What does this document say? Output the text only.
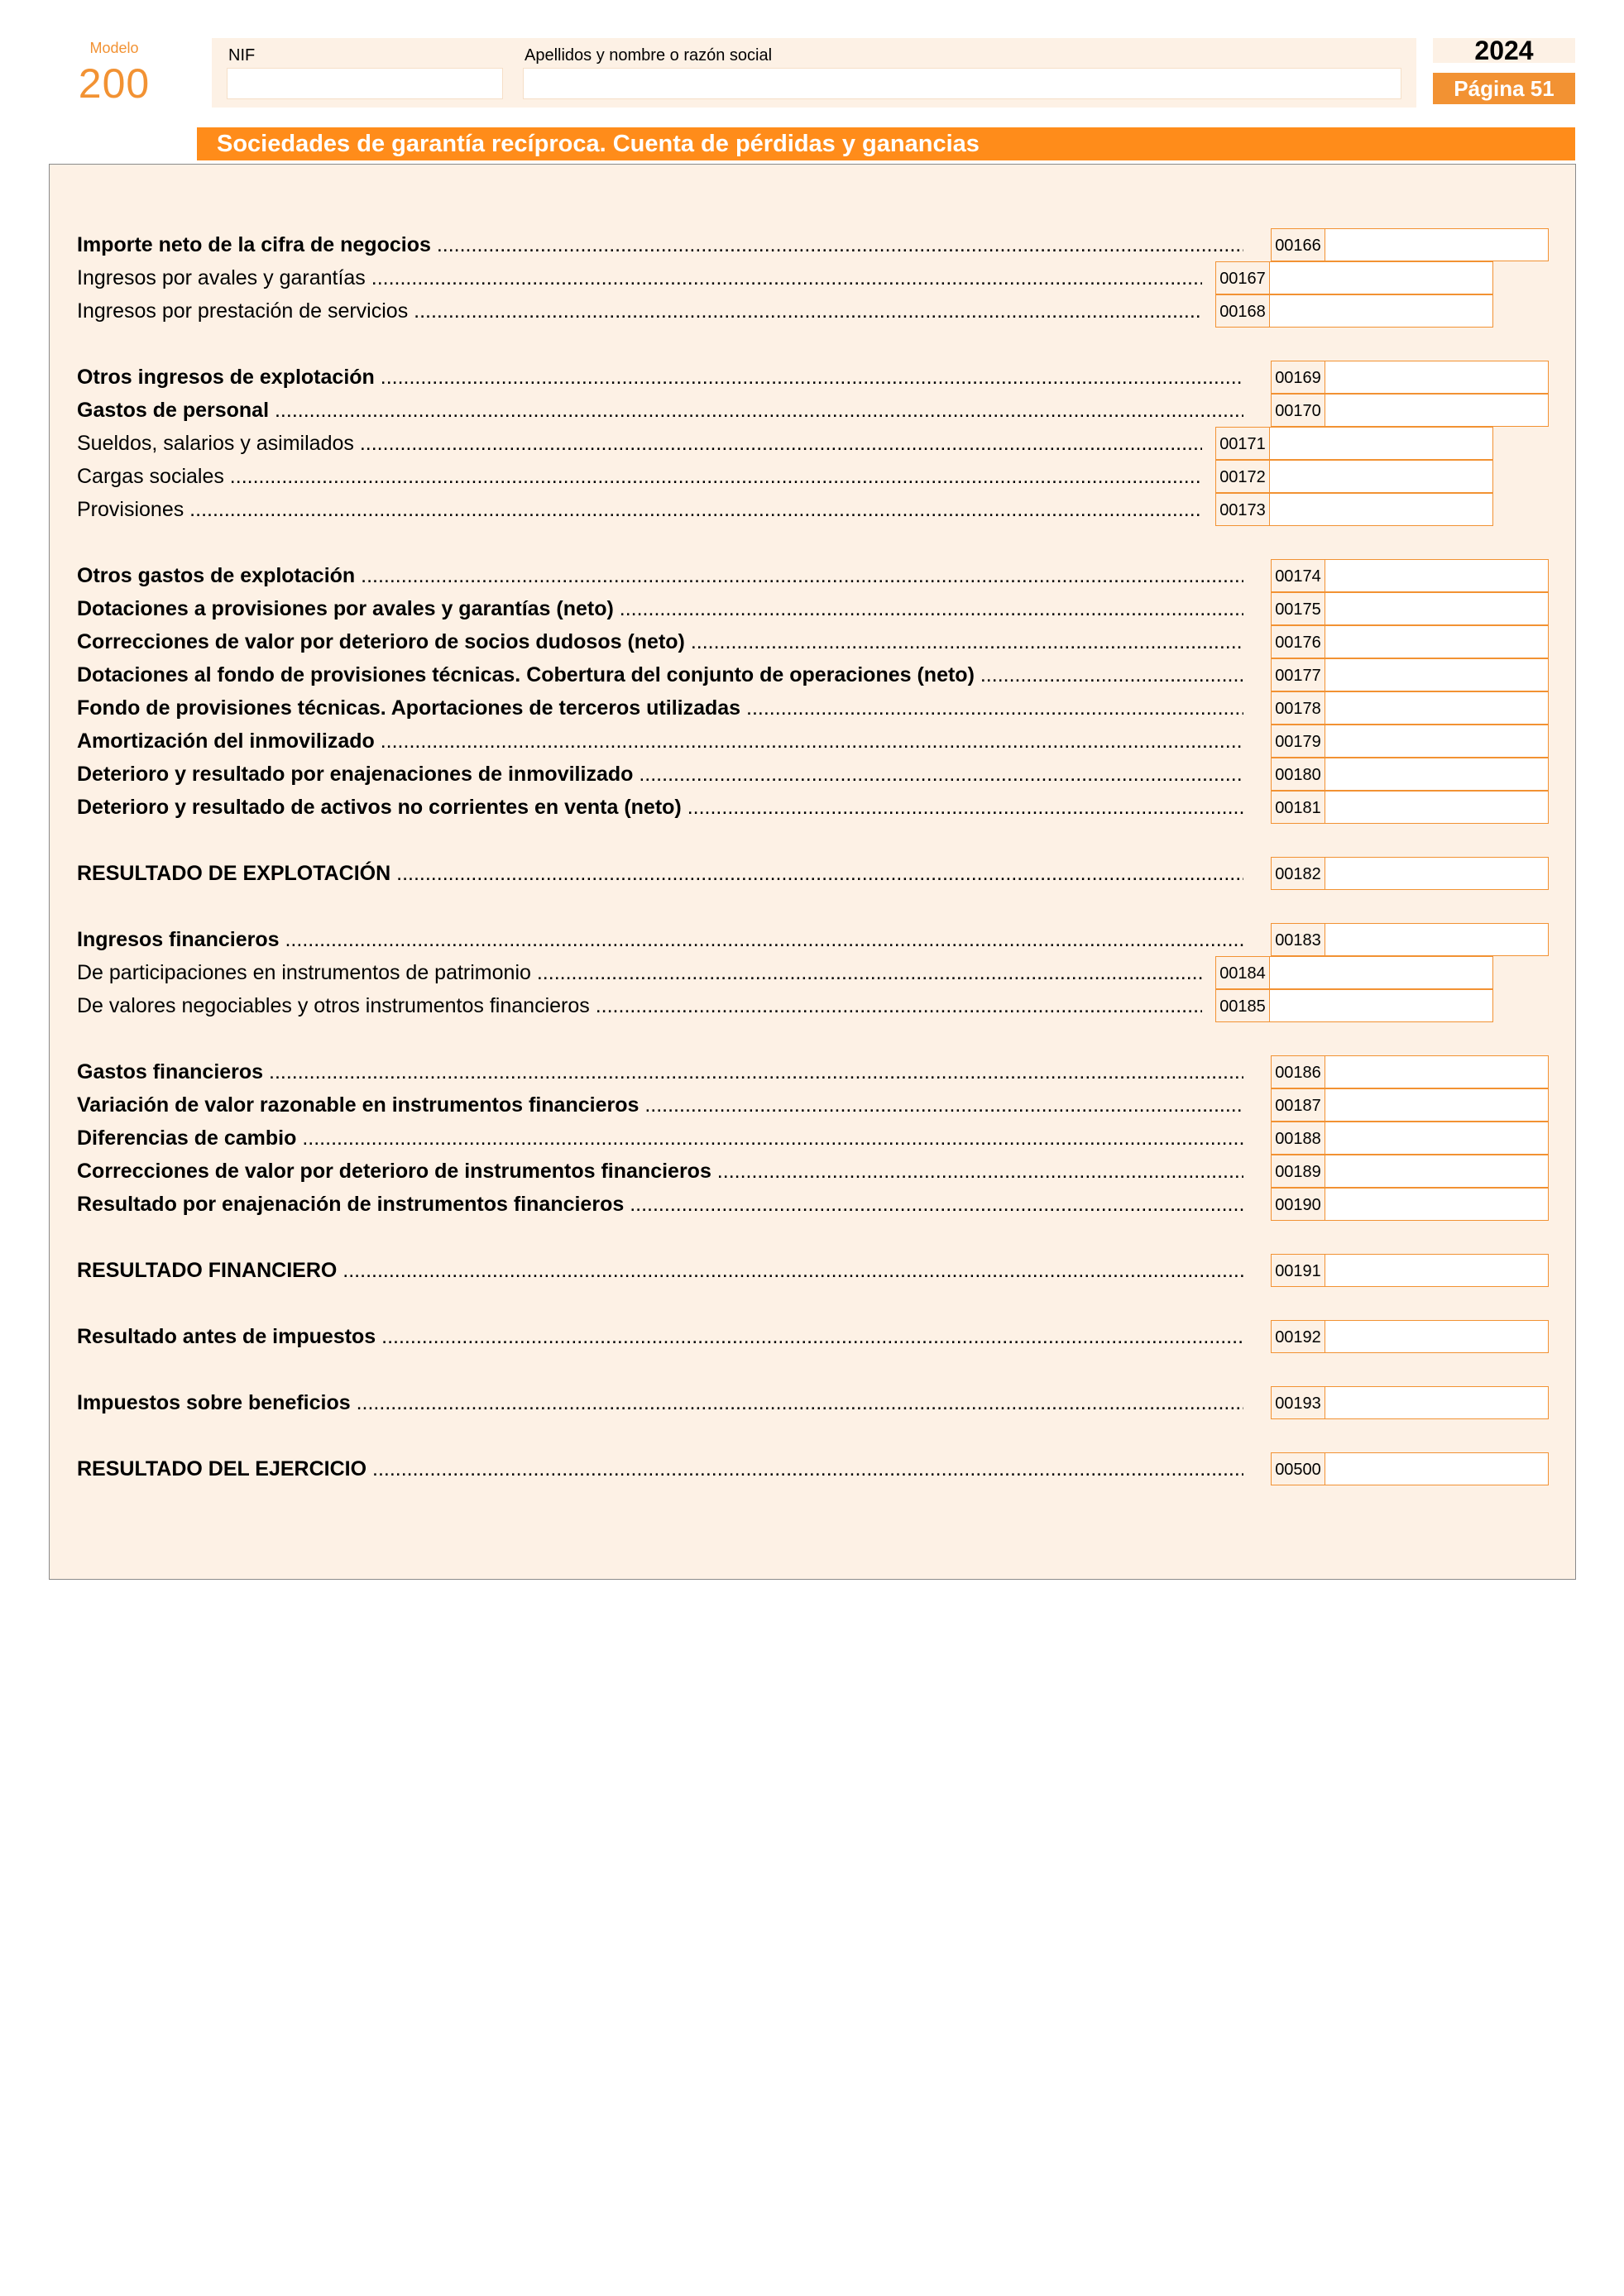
Modelo
200
NIF	Apellidos y nombre o razón social	2024
Página 51
Sociedades de garantía recíproca. Cuenta de pérdidas y ganancias
Importe neto de la cifra de negocios .....	00166
Ingresos por avales y garantías .....	00167
Ingresos por prestación de servicios .....	00168
Otros ingresos de explotación .....	00169
Gastos de personal .....	00170
Sueldos, salarios y asimilados .....	00171
Cargas sociales .....	00172
Provisiones .....	00173
Otros gastos de explotación .....	00174
Dotaciones a provisiones por avales y garantías (neto) .....	00175
Correcciones de valor por deterioro de socios dudosos (neto) .....	00176
Dotaciones al fondo de provisiones técnicas. Cobertura del conjunto de operaciones (neto) .....	00177
Fondo de provisiones técnicas. Aportaciones de terceros utilizadas .....	00178
Amortización del inmovilizado .....	00179
Deterioro y resultado por enajenaciones de inmovilizado .....	00180
Deterioro y resultado de activos no corrientes en venta (neto) .....	00181
RESULTADO DE EXPLOTACIÓN .....	00182
Ingresos financieros .....	00183
De participaciones en instrumentos de patrimonio .....	00184
De valores negociables y otros instrumentos financieros .....	00185
Gastos financieros .....	00186
Variación de valor razonable en instrumentos financieros .....	00187
Diferencias de cambio .....	00188
Correcciones de valor por deterioro de instrumentos financieros .....	00189
Resultado por enajenación de instrumentos financieros .....	00190
RESULTADO FINANCIERO .....	00191
Resultado antes de impuestos .....	00192
Impuestos sobre beneficios .....	00193
RESULTADO DEL EJERCICIO .....	00500
